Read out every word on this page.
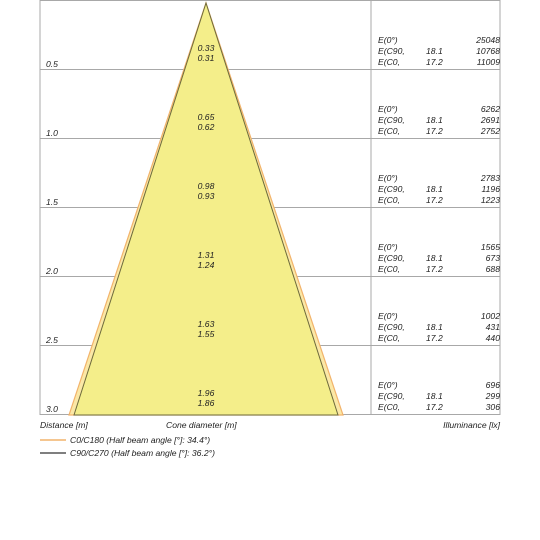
0.5
0.33
0.31
E(0°)	25048
E(C90, 18.1	10768
E(C0,	17.2	11009
1.0
0.65
0.62
E(0°)	6262
E(C90, 18.1	2691
E(C0,	17.2	2752
1.5
0.98
0.93
E(0°)	2783
E(C90, 18.1	1196
E(C0,	17.2	1223
2.0
1.31
1.24
E(0°)	1565
E(C90, 18.1	673
E(C0,	17.2	688
2.5
1.63
1.55
E(0°)	1002
E(C90, 18.1	431
E(C0,	17.2	440
3.0
1.96
1.86
E(0°)	696
E(C90, 18.1	299
E(C0,	17.2	306
Distance [m]	Cone diameter [m]	Illuminance [lx]
C0/C180 (Half beam angle [°]: 34.4°)
C90/C270 (Half beam angle [°]: 36.2°)
